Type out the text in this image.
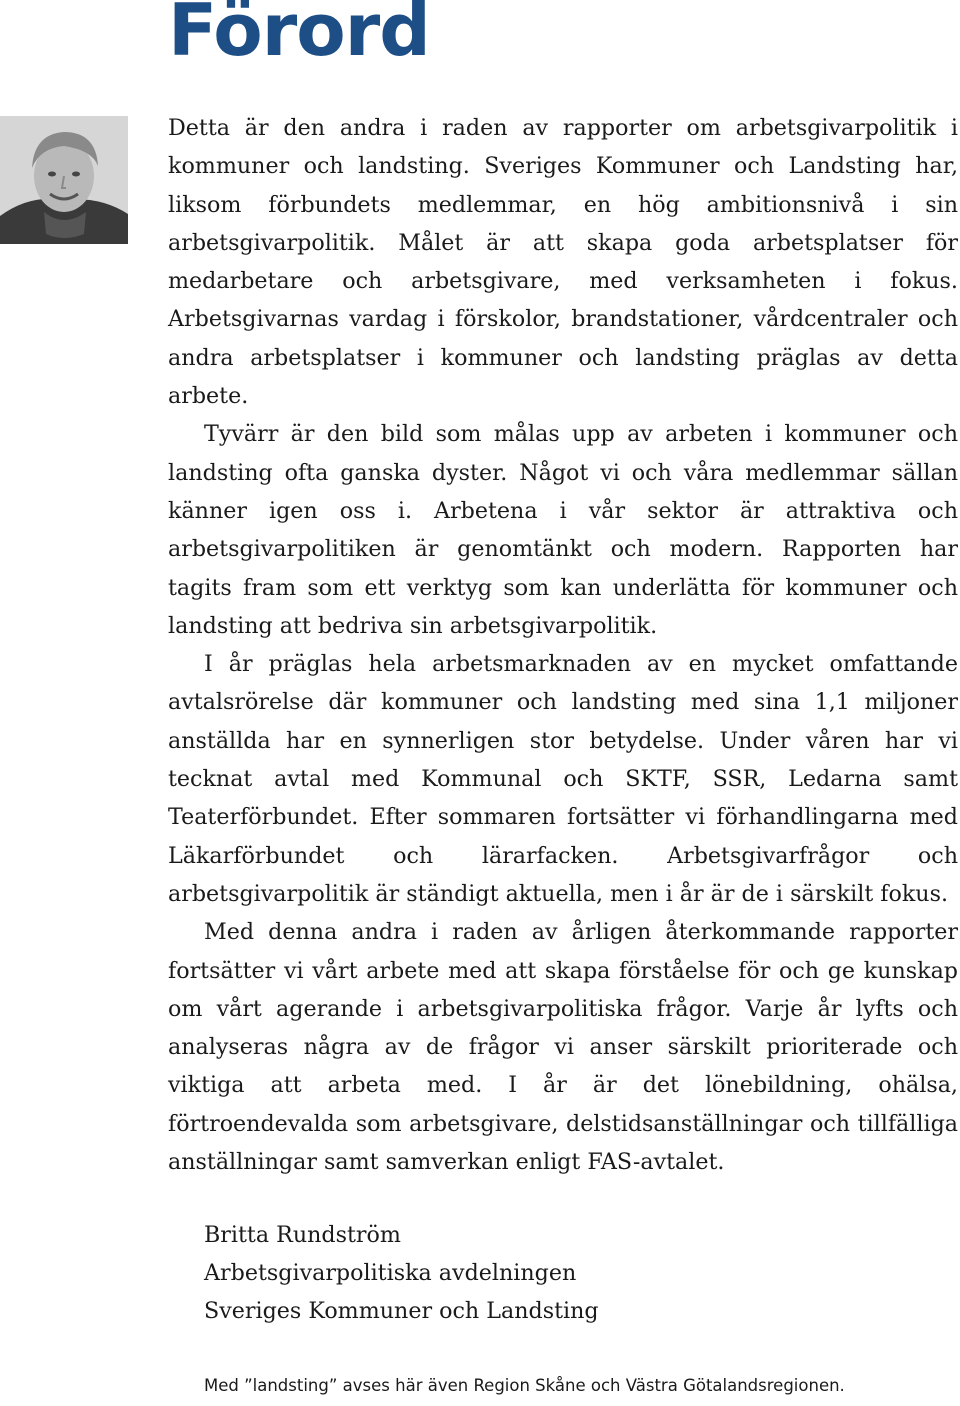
Förord

Detta är den andra i raden av rapporter om arbetsgivarpolitik i kommuner och landsting. Sveriges Kommuner och Landsting har, liksom förbundets medlemmar, en hög ambitionsnivå i sin arbetsgivarpolitik. Målet är att skapa goda arbetsplatser för medarbetare och arbetsgivare, med verksamheten i fokus. Arbetsgivarnas vardag i förskolor, brandstationer, vårdcentraler och andra arbetsplatser i kommuner och landsting präglas av detta arbete.

Tyvärr är den bild som målas upp av arbeten i kommuner och landsting ofta ganska dyster. Något vi och våra medlemmar sällan känner igen oss i. Arbetena i vår sektor är attraktiva och arbetsgivarpolitiken är genomtänkt och modern. Rapporten har tagits fram som ett verktyg som kan underlätta för kommuner och landsting att bedriva sin arbetsgivarpolitik.

I år präglas hela arbetsmarknaden av en mycket omfattande avtalsrörelse där kommuner och landsting med sina 1,1 miljoner anställda har en synnerligen stor betydelse. Under våren har vi tecknat avtal med Kommunal och SKTF, SSR, Ledarna samt Teaterförbundet. Efter sommaren fortsätter vi förhandlingarna med Läkarförbundet och lärarfacken. Arbetsgivarfrågor och arbetsgivarpolitik är ständigt aktuella, men i år är de i särskilt fokus.

Med denna andra i raden av årligen återkommande rapporter fortsätter vi vårt arbete med att skapa förståelse för och ge kunskap om vårt agerande i arbetsgivarpolitiska frågor. Varje år lyfts och analyseras några av de frågor vi anser särskilt prioriterade och viktiga att arbeta med. I år är det lönebildning, ohälsa, förtroendevalda som arbetsgivare, delstidsanställningar och tillfälliga anställningar samt samverkan enligt FAS-avtalet.

Britta Rundström
Arbetsgivarpolitiska avdelningen
Sveriges Kommuner och Landsting
Med ”landsting” avses här även Region Skåne och Västra Götalandsregionen.
